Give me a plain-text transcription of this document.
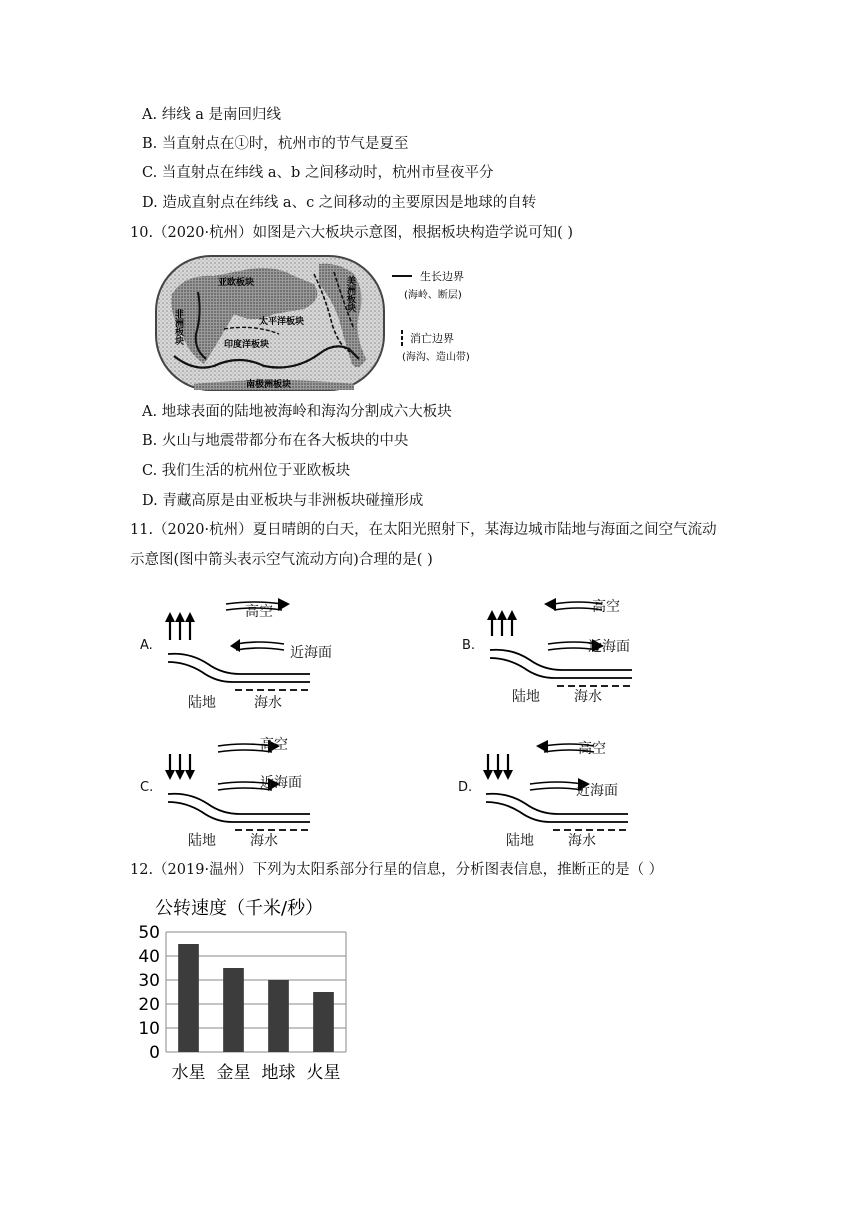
A. 纬线 a 是南回归线
B. 当直射点在①时，杭州市的节气是夏至
C. 当直射点在纬线 a、b 之间移动时，杭州市昼夜平分
D. 造成直射点在纬线 a、c 之间移动的主要原因是地球的自转
10.（2020·杭州）如图是六大板块示意图，根据板块构造学说可知( )
亚欧板块
非洲板块	太平洋板块
印度洋板块
美洲板块
南极洲板块
生长边界
(海岭、断层)
消亡边界
(海沟、造山带)
A. 地球表面的陆地被海岭和海沟分割成六大板块
B. 火山与地震带都分布在各大板块的中央
C. 我们生活的杭州位于亚欧板块
D. 青藏高原是由亚板块与非洲板块碰撞形成
11.（2020·杭州）夏日晴朗的白天，在太阳光照射下，某海边城市陆地与海面之间空气流动
示意图(图中箭头表示空气流动方向)合理的是( )
A.
高空
近海面
陆地	海水
B.
高空
近海面
陆地 海水
C.
高空
近海面
陆地 海水
D.
高空
近海面
陆地 海水
12.（2019·温州）下列为太阳系部分行星的信息，分析图表信息，推断正的是（ ）
公转速度（千米/秒）
0
10
20
30
40
50
水星 金星 地球 火星
